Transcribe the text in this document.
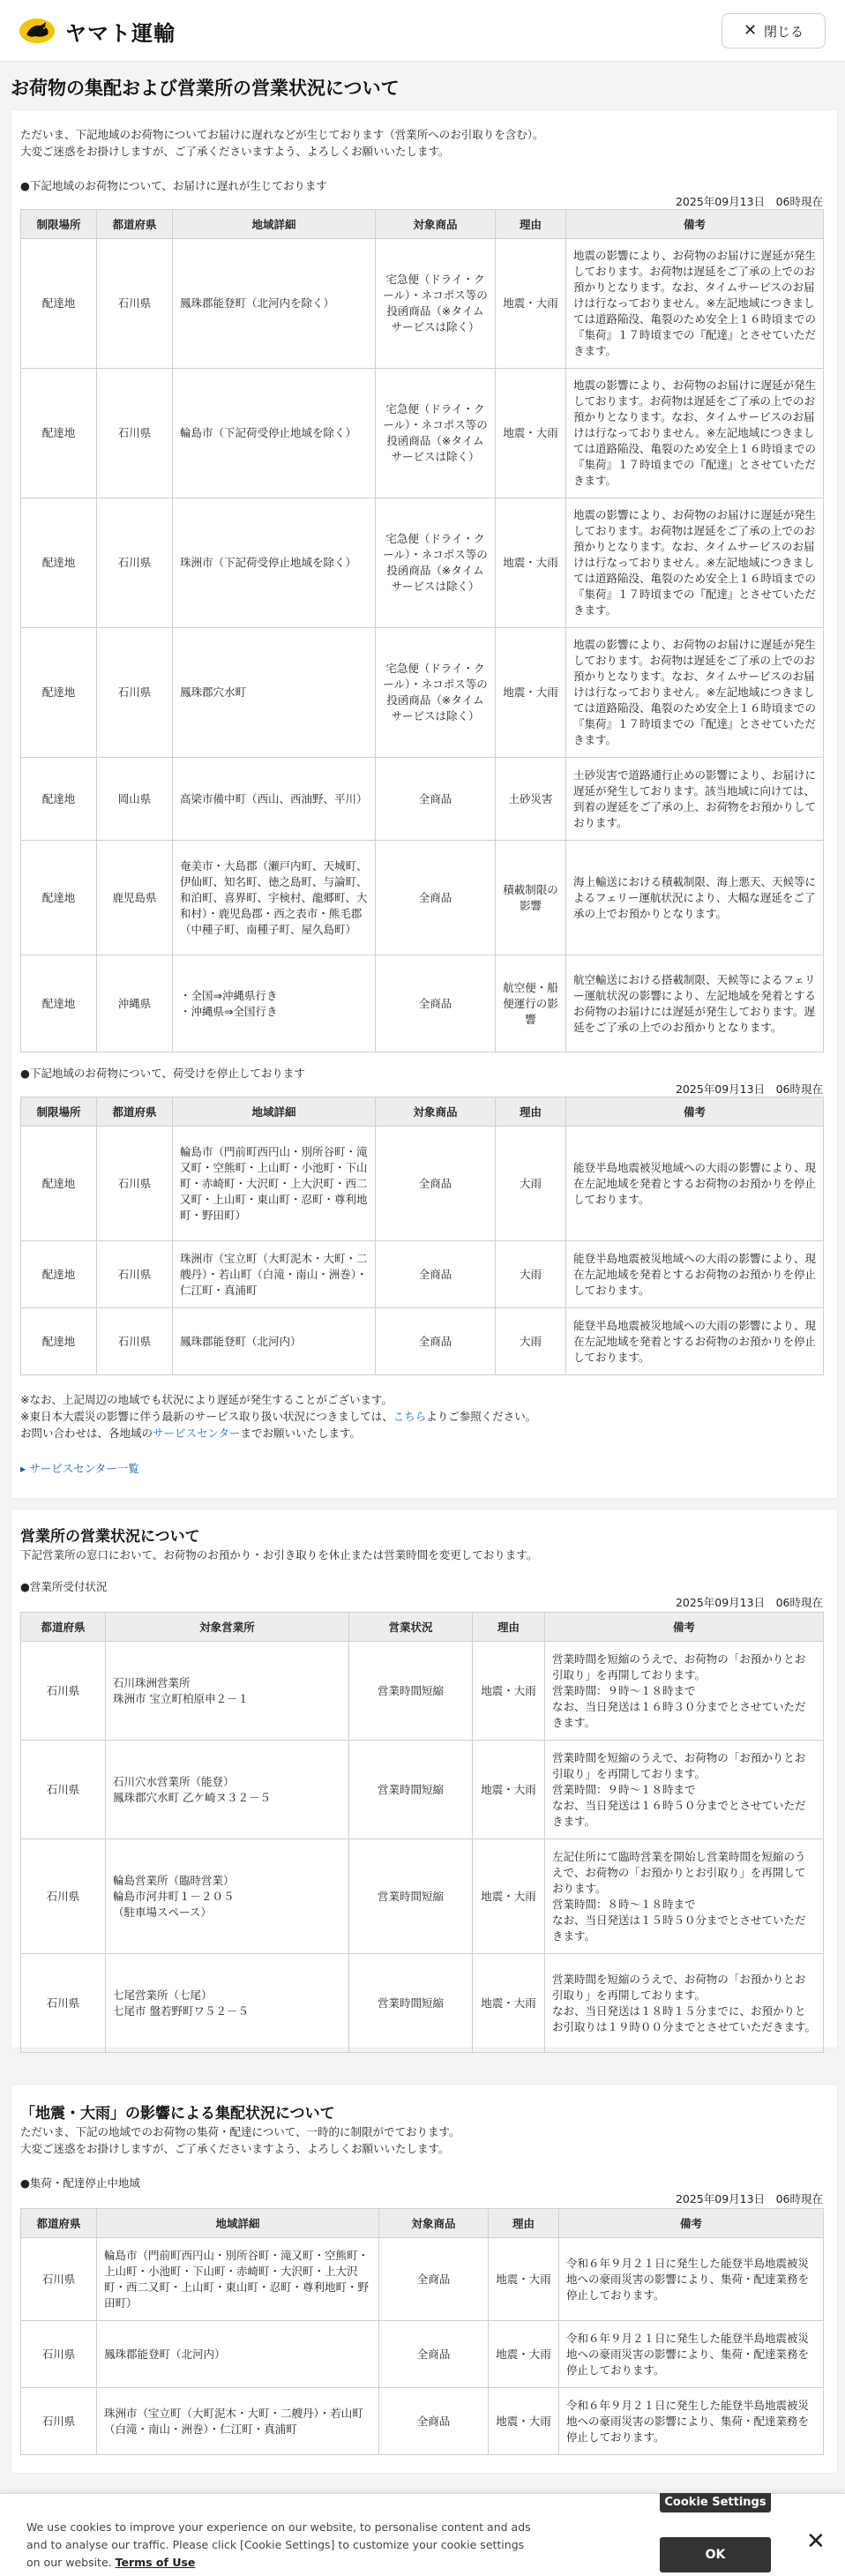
ヤマト運輸	✕ 閉じる
お荷物の集配および営業所の営業状況について
ただいま、下記地域のお荷物についてお届けに遅れなどが生じております（営業所へのお引取りを含む）。
大変ご迷惑をお掛けしますが、ご了承くださいますよう、よろしくお願いいたします。
●下記地域のお荷物について、お届けに遅れが生じております
2025年09月13日　06時現在
制限場所	都道府県	地域詳細	対象商品	理由	備考
配達地	石川県	鳳珠郡能登町（北河内を除く）	宅急便（ドライ・クール）・ネコポス等の投函商品（※タイムサービスは除く）	地震・大雨	地震の影響により、お荷物のお届けに遅延が発生しております。お荷物は遅延をご了承の上でのお預かりとなります。なお、タイムサービスのお届けは行なっておりません。※左記地域につきましては道路陥没、亀裂のため安全上１６時頃までの『集荷』１７時頃までの『配達』とさせていただきます。
配達地	石川県	輪島市（下記荷受停止地域を除く）	宅急便（ドライ・クール）・ネコポス等の投函商品（※タイムサービスは除く）	地震・大雨	地震の影響により、お荷物のお届けに遅延が発生しております。お荷物は遅延をご了承の上でのお預かりとなります。なお、タイムサービスのお届けは行なっておりません。※左記地域につきましては道路陥没、亀裂のため安全上１６時頃までの『集荷』１７時頃までの『配達』とさせていただきます。
配達地	石川県	珠洲市（下記荷受停止地域を除く）	宅急便（ドライ・クール）・ネコポス等の投函商品（※タイムサービスは除く）	地震・大雨	地震の影響により、お荷物のお届けに遅延が発生しております。お荷物は遅延をご了承の上でのお預かりとなります。なお、タイムサービスのお届けは行なっておりません。※左記地域につきましては道路陥没、亀裂のため安全上１６時頃までの『集荷』１７時頃までの『配達』とさせていただきます。
配達地	石川県	鳳珠郡穴水町	宅急便（ドライ・クール）・ネコポス等の投函商品（※タイムサービスは除く）	地震・大雨	地震の影響により、お荷物のお届けに遅延が発生しております。お荷物は遅延をご了承の上でのお預かりとなります。なお、タイムサービスのお届けは行なっておりません。※左記地域につきましては道路陥没、亀裂のため安全上１６時頃までの『集荷』１７時頃までの『配達』とさせていただきます。
配達地	岡山県	高梁市備中町（西山、西油野、平川）	全商品	土砂災害	土砂災害で道路通行止めの影響により、お届けに遅延が発生しております。該当地域に向けては、到着の遅延をご了承の上、お荷物をお預かりしております。
配達地	鹿児島県	奄美市・大島郡（瀬戸内町、天城町、伊仙町、知名町、徳之島町、与論町、和泊町、喜界町、宇検村、龍郷町、大和村）・鹿児島郡・西之表市・熊毛郡（中種子町、南種子町、屋久島町）	全商品	積載制限の影響	海上輸送における積載制限、海上悪天、天候等によるフェリー運航状況により、大幅な遅延をご了承の上でお預かりとなります。
配達地	沖縄県	・全国⇒沖縄県行き
・沖縄県⇒全国行き	全商品	航空便・船便運行の影響	航空輸送における搭載制限、天候等によるフェリー運航状況の影響により、左記地域を発着とするお荷物のお届けには遅延が発生しております。遅延をご了承の上でのお預かりとなります。
●下記地域のお荷物について、荷受けを停止しております
2025年09月13日　06時現在
制限場所	都道府県	地域詳細	対象商品	理由	備考
配達地	石川県	輪島市（門前町西円山・別所谷町・滝又町・空熊町・上山町・小池町・下山町・赤崎町・大沢町・上大沢町・西二又町・上山町・東山町・忍町・尊利地町・野田町）	全商品	大雨	能登半島地震被災地域への大雨の影響により、現在左記地域を発着とするお荷物のお預かりを停止しております。
配達地	石川県	珠洲市（宝立町（大町泥木・大町・二艘丹）・若山町（白滝・南山・洲巻）・仁江町・真浦町	全商品	大雨	能登半島地震被災地域への大雨の影響により、現在左記地域を発着とするお荷物のお預かりを停止しております。
配達地	石川県	鳳珠郡能登町（北河内）	全商品	大雨	能登半島地震被災地域への大雨の影響により、現在左記地域を発着とするお荷物のお預かりを停止しております。
※なお、上記周辺の地域でも状況により遅延が発生することがございます。
※東日本大震災の影響に伴う最新のサービス取り扱い状況につきましては、こちらよりご参照ください。
お問い合わせは、各地域のサービスセンターまでお願いいたします。
▸ サービスセンター一覧
営業所の営業状況について
下記営業所の窓口において、お荷物のお預かり・お引き取りを休止または営業時間を変更しております。
●営業所受付状況
2025年09月13日　06時現在
都道府県	対象営業所	営業状況	理由	備考
石川県	石川珠洲営業所
珠洲市 宝立町柏原申２－１	営業時間短縮	地震・大雨	営業時間を短縮のうえで、お荷物の「お預かりとお引取り」を再開しております。
営業時間：９時～１８時まで
なお、当日発送は１６時３０分までとさせていただきます。
石川県	石川穴水営業所（能登）
鳳珠郡穴水町 乙ケ崎ヌ３２－５	営業時間短縮	地震・大雨	営業時間を短縮のうえで、お荷物の「お預かりとお引取り」を再開しております。
営業時間：９時～１８時まで
なお、当日発送は１６時５０分までとさせていただきます。
石川県	輪島営業所（臨時営業）
輪島市河井町１－２０５
（駐車場スペース）	営業時間短縮	地震・大雨	左記住所にて臨時営業を開始し営業時間を短縮のうえで、お荷物の「お預かりとお引取り」を再開しております。
営業時間：８時～１８時まで
なお、当日発送は１５時５０分までとさせていただきます。
石川県	七尾営業所（七尾）
七尾市 盤若野町ワ５２－５	営業時間短縮	地震・大雨	営業時間を短縮のうえで、お荷物の「お預かりとお引取り」を再開しております。
なお、当日発送は１８時１５分までに、お預かりとお引取りは１９時００分までとさせていただきます。
「地震・大雨」の影響による集配状況について
ただいま、下記の地域でのお荷物の集荷・配達について、一時的に制限がでております。
大変ご迷惑をお掛けしますが、ご了承くださいますよう、よろしくお願いいたします。
●集荷・配達停止中地域
2025年09月13日　06時現在
都道府県	地域詳細	対象商品	理由	備考
石川県	輪島市（門前町西円山・別所谷町・滝又町・空熊町・上山町・小池町・下山町・赤崎町・大沢町・上大沢町・西二又町・上山町・東山町・忍町・尊利地町・野田町）	全商品	地震・大雨	令和６年９月２１日に発生した能登半島地震被災地への豪雨災害の影響により、集荷・配達業務を停止しております。
石川県	鳳珠郡能登町（北河内）	全商品	地震・大雨	令和６年９月２１日に発生した能登半島地震被災地への豪雨災害の影響により、集荷・配達業務を停止しております。
石川県	珠洲市（宝立町（大町泥木・大町・二艘丹）・若山町（白滝・南山・洲巻）・仁江町・真浦町	全商品	地震・大雨	令和６年９月２１日に発生した能登半島地震被災地への豪雨災害の影響により、集荷・配達業務を停止しております。
We use cookies to improve your experience on our website, to personalise content and ads and to analyse our traffic. Please click [Cookie Settings] to customize your cookie settings on our website. Terms of Use
Cookie Settings
OK	✕
